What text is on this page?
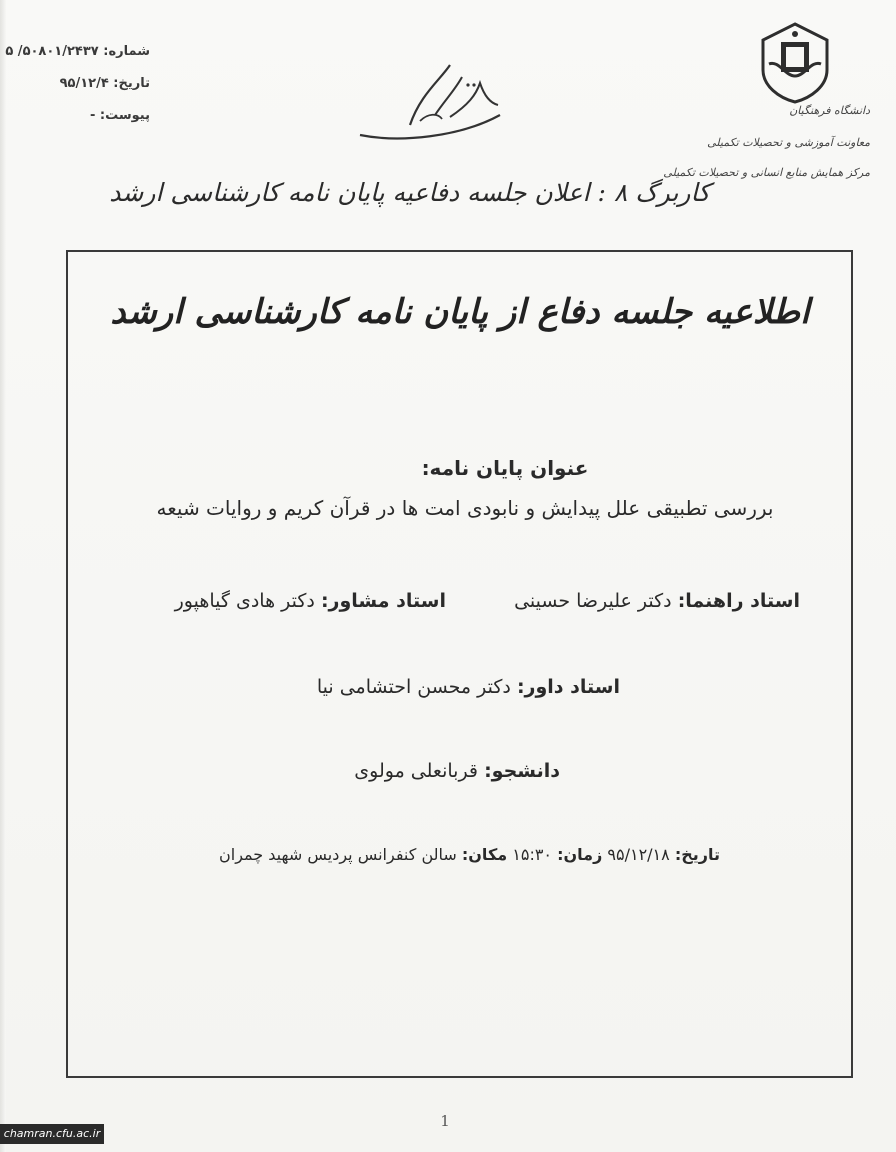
شماره: ۵۰۸۰۱/۲۴۳۷/ ۵
تاریخ: ۹۵/۱۲/۴
پیوست: -	دانشگاه فرهنگیان
معاونت آموزشی و تحصیلات تکمیلی
مرکز همایش منابع انسانی و تحصیلات تکمیلی
کاربرگ ۸ : اعلان جلسه دفاعیه پایان نامه کارشناسی ارشد
اطلاعیه جلسه دفاع از پایان نامه کارشناسی ارشد
عنوان پایان نامه:
بررسی تطبیقی علل پیدایش و نابودی امت ها در قرآن کریم و روایات شیعه
استاد راهنما: دکتر علیرضا حسینی  استاد مشاور: دکتر هادی گیاهپور
استاد داور: دکتر محسن احتشامی نیا
دانشجو: قربانعلی مولوی
تاریخ: ۹۵/۱۲/۱۸ زمان: ۱۵:۳۰ مکان: سالن کنفرانس پردیس شهید چمران
1
chamran.cfu.ac.ir
